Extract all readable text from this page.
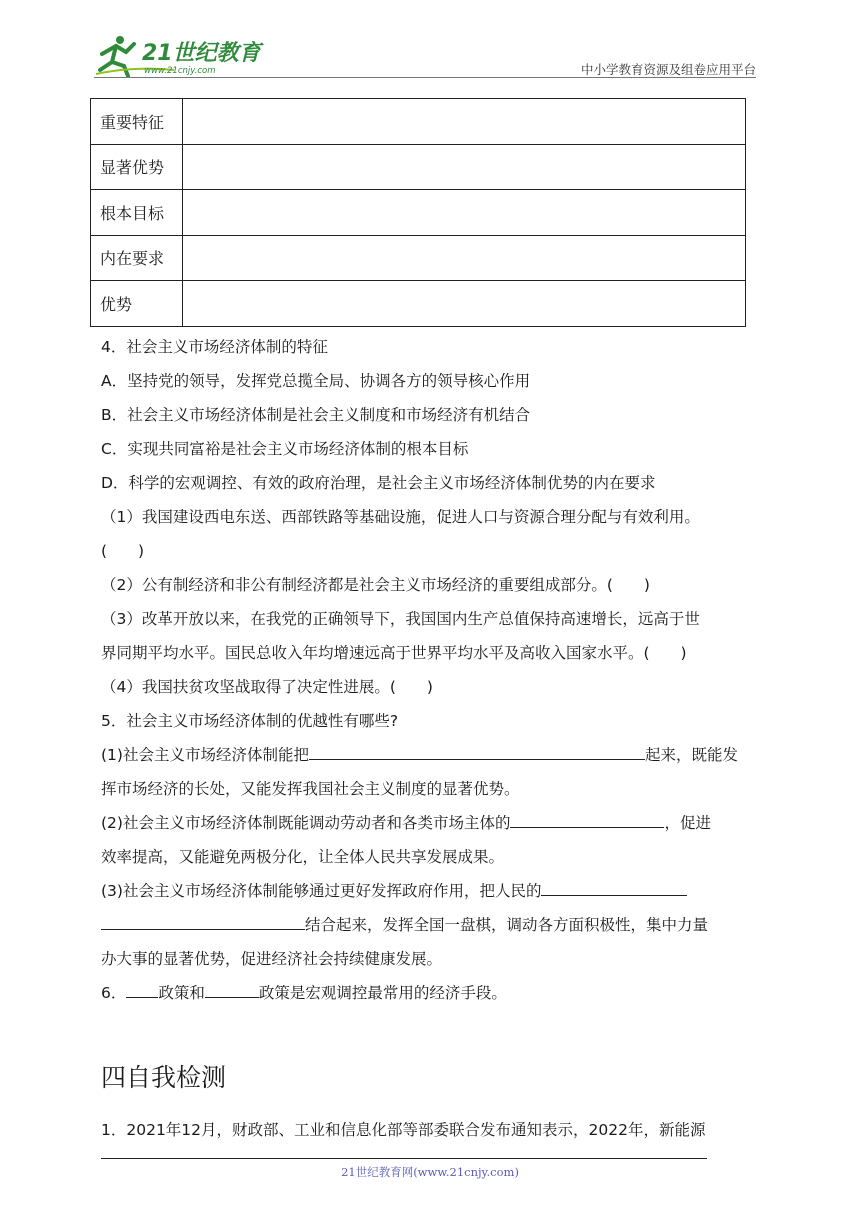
21世纪教育
www.21cnjy.com	中小学教育资源及组卷应用平台
重要特征	
显著优势	
根本目标	
内在要求	
优势	

4．社会主义市场经济体制的特征

A．坚持党的领导，发挥党总揽全局、协调各方的领导核心作用

B．社会主义市场经济体制是社会主义制度和市场经济有机结合

C．实现共同富裕是社会主义市场经济体制的根本目标

D．科学的宏观调控、有效的政府治理，是社会主义市场经济体制优势的内在要求

（1）我国建设西电东送、西部铁路等基础设施，促进人口与资源合理分配与有效利用。

(　　)

（2）公有制经济和非公有制经济都是社会主义市场经济的重要组成部分。(　　)

（3）改革开放以来，在我党的正确领导下，我国国内生产总值保持高速增长，远高于世

界同期平均水平。国民总收入年均增速远高于世界平均水平及高收入国家水平。(　　)

（4）我国扶贫攻坚战取得了决定性进展。(　　)

5．社会主义市场经济体制的优越性有哪些?

(1)社会主义市场经济体制能把	起来，既能发

挥市场经济的长处，又能发挥我国社会主义制度的显著优势。

(2)社会主义市场经济体制既能调动劳动者和各类市场主体的	，促进

效率提高，又能避免两极分化，让全体人民共享发展成果。

(3)社会主义市场经济体制能够通过更好发挥政府作用，把人民的

结合起来，发挥全国一盘棋，调动各方面积极性，集中力量

办大事的显著优势，促进经济社会持续健康发展。

6． 政策和	政策是宏观调控最常用的经济手段。

四自我检测
1．2021年12月，财政部、工业和信息化部等部委联合发布通知表示，2022年，新能源
21世纪教育网(www.21cnjy.com)
